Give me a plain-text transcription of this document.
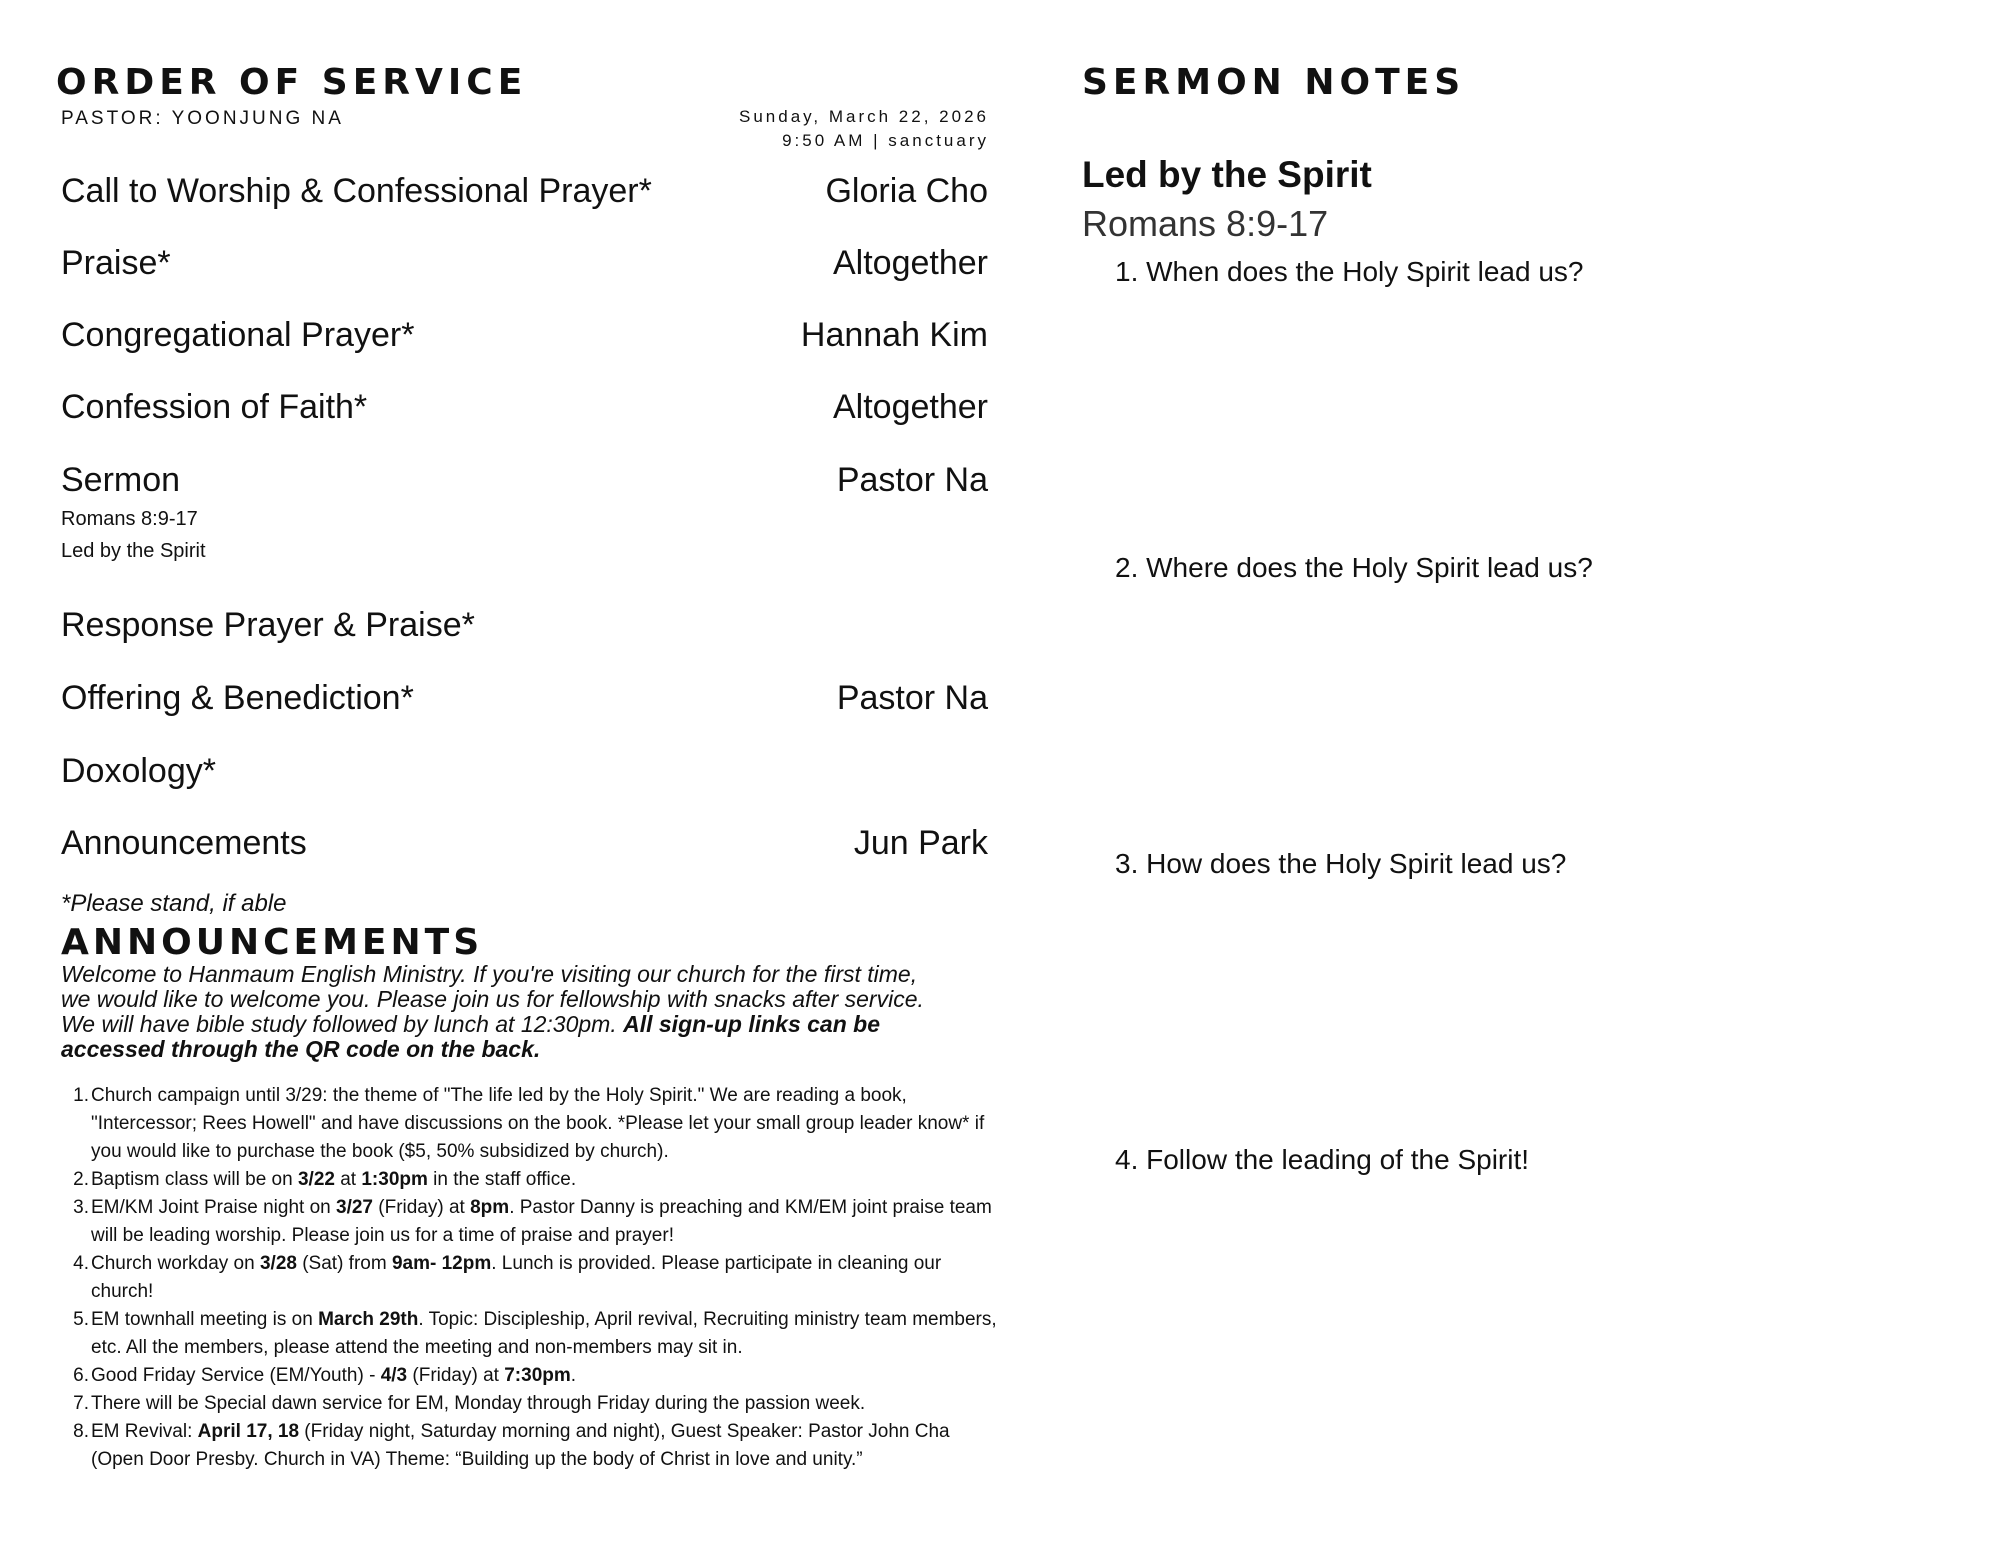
ORDER OF SERVICE
PASTOR: YOONJUNG NA	Sunday, March 22, 2026
9:50 AM | sanctuary
Call to Worship & Confessional Prayer*	Gloria Cho
Praise*	Altogether
Congregational Prayer*	Hannah Kim
Confession of Faith*	Altogether
Sermon	Pastor Na
Romans 8:9-17
Led by the Spirit
Response Prayer & Praise*
Offering & Benediction*	Pastor Na
Doxology*
Announcements	Jun Park
*Please stand, if able
ANNOUNCEMENTS
Welcome to Hanmaum English Ministry. If you're visiting our church for the first time, we would like to welcome you. Please join us for fellowship with snacks after service. We will have bible study followed by lunch at 12:30pm. All sign-up links can be accessed through the QR code on the back.
1. Church campaign until 3/29: the theme of "The life led by the Holy Spirit." We are reading a book, "Intercessor; Rees Howell" and have discussions on the book. *Please let your small group leader know* if you would like to purchase the book ($5, 50% subsidized by church).
2. Baptism class will be on 3/22 at 1:30pm in the staff office.
3. EM/KM Joint Praise night on 3/27 (Friday) at 8pm. Pastor Danny is preaching and KM/EM joint praise team will be leading worship. Please join us for a time of praise and prayer!
4. Church workday on 3/28 (Sat) from 9am- 12pm. Lunch is provided. Please participate in cleaning our church!
5. EM townhall meeting is on March 29th. Topic: Discipleship, April revival, Recruiting ministry team members, etc. All the members, please attend the meeting and non-members may sit in.
6. Good Friday Service (EM/Youth) - 4/3 (Friday) at 7:30pm.
7. There will be Special dawn service for EM, Monday through Friday during the passion week.
8. EM Revival: April 17, 18 (Friday night, Saturday morning and night), Guest Speaker: Pastor John Cha (Open Door Presby. Church in VA) Theme: “Building up the body of Christ in love and unity.”
SERMON NOTES
Led by the Spirit
Romans 8:9-17
1. When does the Holy Spirit lead us?
2. Where does the Holy Spirit lead us?
3. How does the Holy Spirit lead us?
4. Follow the leading of the Spirit!
